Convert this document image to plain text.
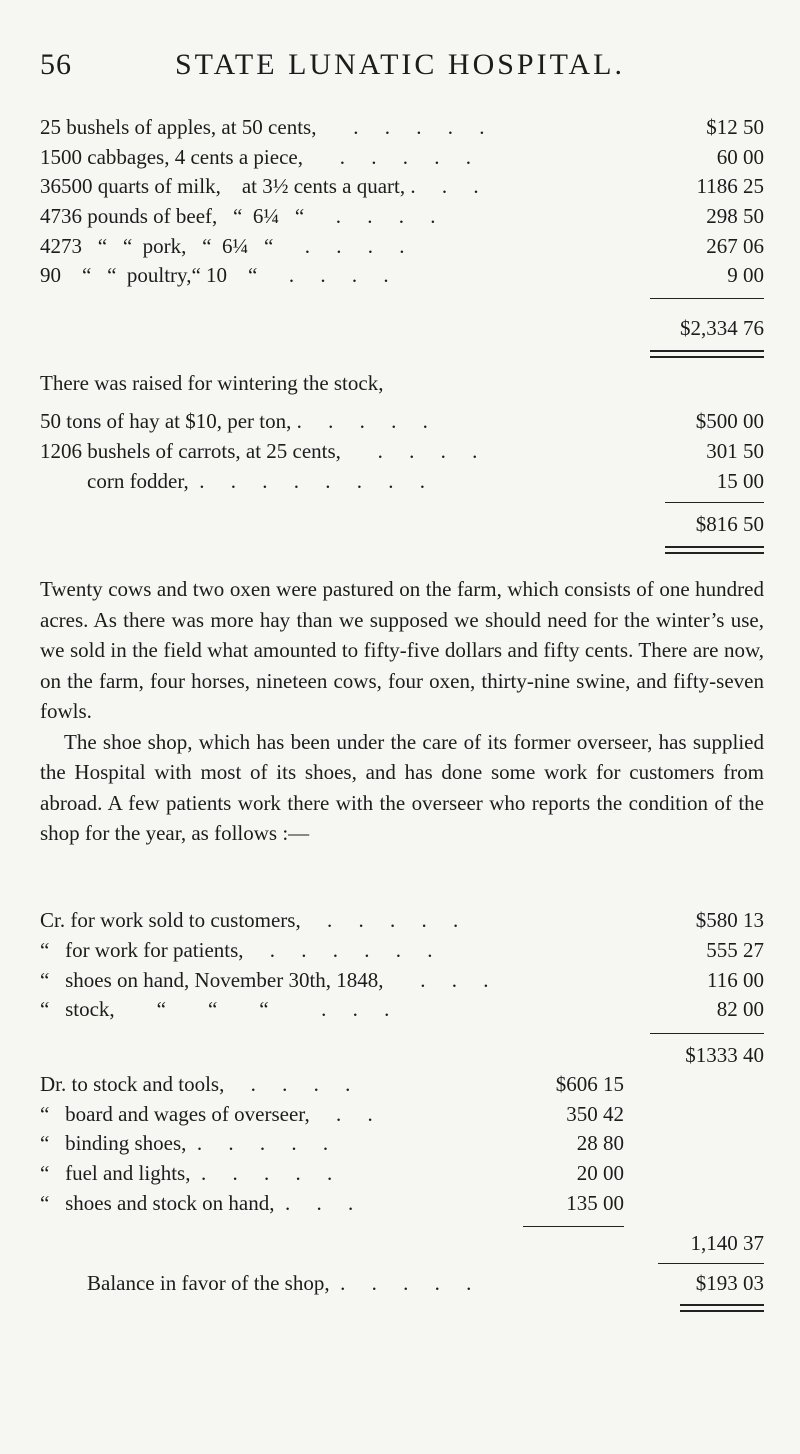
56	STATE LUNATIC HOSPITAL.
25 bushels of apples, at 50 cents,       .     .     .     .     .	$12 50
1500 cabbages, 4 cents a piece,       .     .     .     .     .	60 00
36500 quarts of milk,    at 3½ cents a quart, .     .     .	1186 25
4736 pounds of beef,   “  6¼   “      .     .     .     .	298 50
4273   “   “  pork,   “  6¼   “      .     .     .     .	267 06
90    “   “  poultry,“ 10    “      .     .     .     .	9 00
$2,334 76
There was raised for wintering the stock,
50 tons of hay at $10, per ton, .     .     .     .     .	$500 00
1206 bushels of carrots, at 25 cents,       .     .     .     .	301 50
corn fodder,  .     .     .     .     .     .     .     .	15 00
$816 50

Twenty cows and two oxen were pastured on the farm, which consists of one hundred acres. As there was more hay than we supposed we should need for the winter’s use, we sold in the field what amounted to fifty-five dollars and fifty cents. There are now, on the farm, four horses, nineteen cows, four oxen, thirty-nine swine, and fifty-seven fowls.

The shoe shop, which has been under the care of its former overseer, has supplied the Hospital with most of its shoes, and has done some work for customers from abroad. A few patients work there with the overseer who reports the condition of the shop for the year, as follows :—

Cr. for work sold to customers,     .     .     .     .     .	$580 13
“   for work for patients,     .     .     .     .     .     .	555 27
“   shoes on hand, November 30th, 1848,       .     .     .	116 00
“   stock,        “        “        “          .     .     .	82 00
$1333 40
Dr. to stock and tools,     .     .     .     .	$606 15
“   board and wages of overseer,     .     .	350 42
“   binding shoes,  .     .     .     .     .	28 80
“   fuel and lights,  .     .     .     .     .	20 00
“   shoes and stock on hand,  .     .     .	135 00
1,140 37
Balance in favor of the shop,  .     .     .     .     .	$193 03
